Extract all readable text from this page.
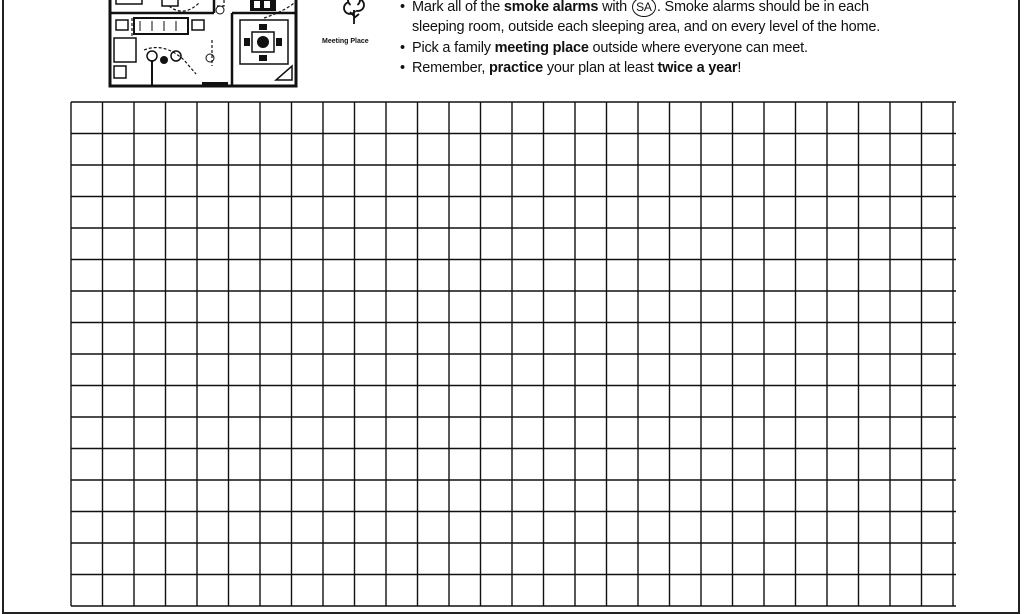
Meeting Place
• Mark all of the smoke alarms with SA . Smoke alarms should be in each
sleeping room, outside each sleeping area, and on every level of the home.
• Pick a family meeting place outside where everyone can meet.
• Remember, practice your plan at least twice a year!
